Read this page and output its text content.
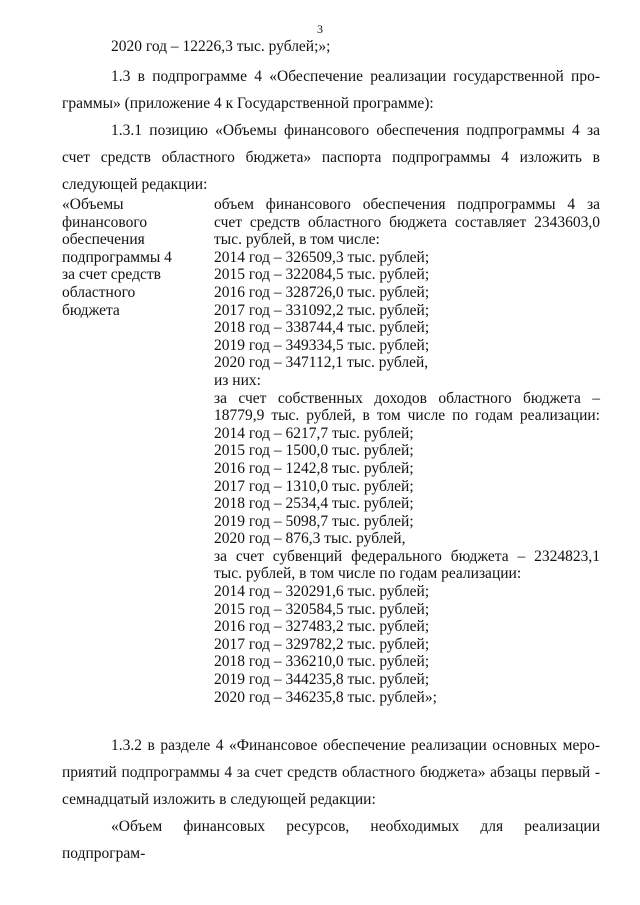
3
2020 год – 12226,3 тыс. рублей;»;
1.3 в подпрограмме 4 «Обеспечение реализации государственной программы» (приложение 4 к Государственной программе):
1.3.1 позицию «Объемы финансового обеспечения подпрограммы 4 за счет средств областного бюджета» паспорта подпрограммы 4 изложить в следующей редакции:
«Объемы
финансового
обеспечения
подпрограммы 4
за счет средств
областного
бюджета
объем финансового обеспечения подпрограммы 4 за
счет средств областного бюджета составляет 2343603,0
тыс. рублей, в том числе:
2014 год – 326509,3 тыс. рублей;
2015 год – 322084,5 тыс. рублей;
2016 год – 328726,0 тыс. рублей;
2017 год – 331092,2 тыс. рублей;
2018 год – 338744,4 тыс. рублей;
2019 год – 349334,5 тыс. рублей;
2020 год – 347112,1 тыс. рублей,
из них:
за счет собственных доходов областного бюджета –
18779,9 тыс. рублей, в том числе по годам реализации:
2014 год – 6217,7 тыс. рублей;
2015 год – 1500,0 тыс. рублей;
2016 год – 1242,8 тыс. рублей;
2017 год – 1310,0 тыс. рублей;
2018 год – 2534,4 тыс. рублей;
2019 год – 5098,7 тыс. рублей;
2020 год – 876,3 тыс. рублей,
за счет субвенций федерального бюджета – 2324823,1
тыс. рублей, в том числе по годам реализации:
2014 год – 320291,6 тыс. рублей;
2015 год – 320584,5 тыс. рублей;
2016 год – 327483,2 тыс. рублей;
2017 год – 329782,2 тыс. рублей;
2018 год – 336210,0 тыс. рублей;
2019 год – 344235,8 тыс. рублей;
2020 год – 346235,8 тыс. рублей»;
1.3.2 в разделе 4 «Финансовое обеспечение реализации основных мероприятий подпрограммы 4 за счет средств областного бюджета» абзацы первый - семнадцатый изложить в следующей редакции:
«Объем финансовых ресурсов, необходимых для реализации подпрограм-
